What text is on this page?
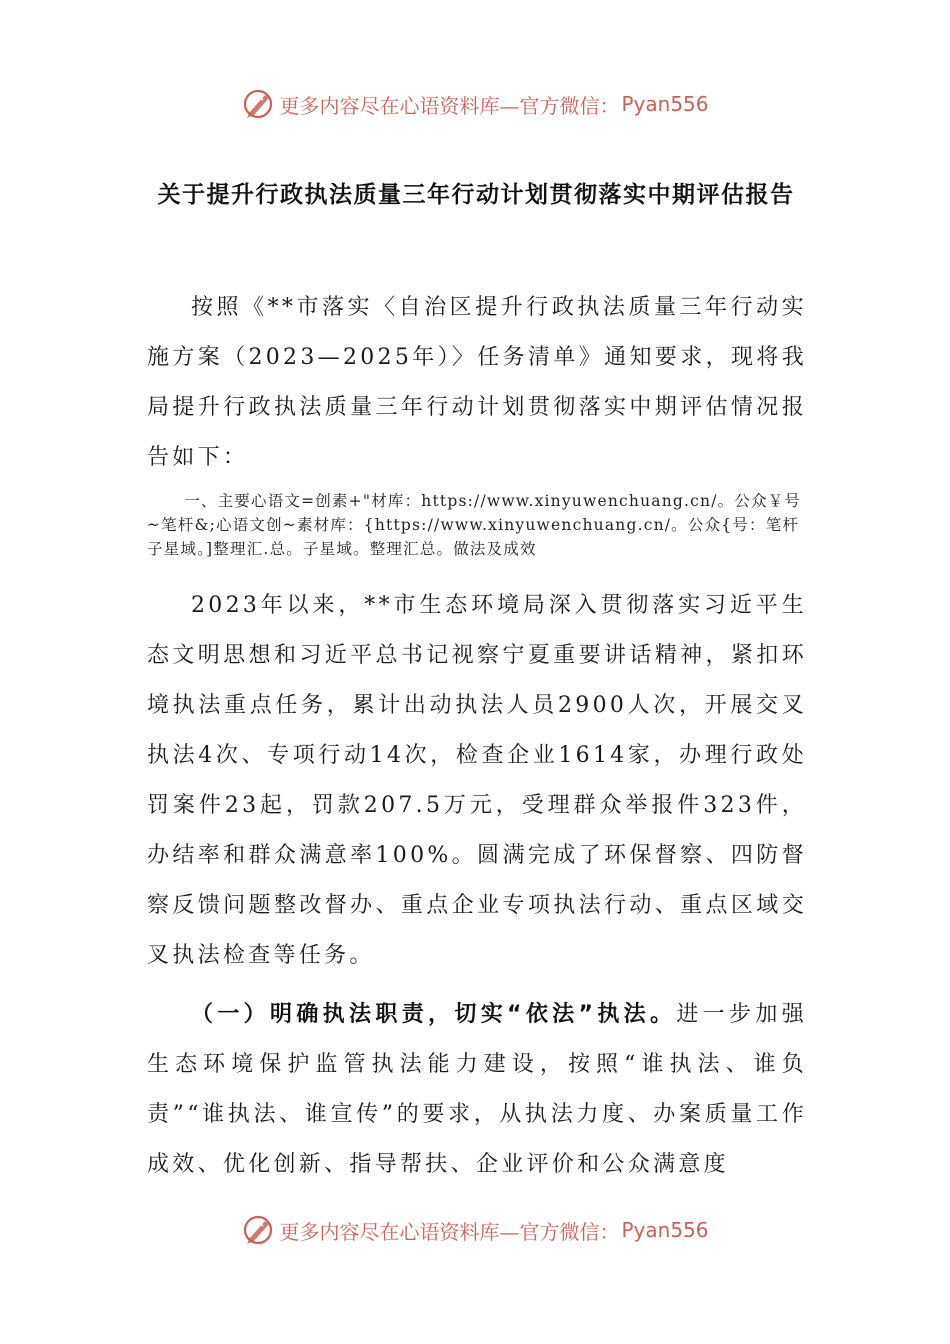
更多内容尽在心语资料库—官方微信： Pyan556
关于提升行政执法质量三年行动计划贯彻落实中期评估报告

按照《**市落实〈自治区提升行政执法质量三年行动实施方案（2023—2025年）〉任务清单》通知要求，现将我局提升行政执法质量三年行动计划贯彻落实中期评估情况报告如下：

一、主要心语文=创素+"材库：https://www.xinyuwenchuang.cn/。公众￥号~笔杆&;心语文创~素材库：{https://www.xinyuwenchuang.cn/。公众{号：笔杆子星域。]整理汇.总。子星域。整理汇总。做法及成效

2023年以来，**市生态环境局深入贯彻落实习近平生态文明思想和习近平总书记视察宁夏重要讲话精神，紧扣环境执法重点任务，累计出动执法人员2900人次，开展交叉执法4次、专项行动14次，检查企业1614家，办理行政处罚案件23起，罚款207.5万元，受理群众举报件323件，办结率和群众满意率100%。圆满完成了环保督察、四防督察反馈问题整改督办、重点企业专项执法行动、重点区域交叉执法检查等任务。

（一）明确执法职责，切实“依法”执法。进一步加强生态环境保护监管执法能力建设，按照“谁执法、谁负责”“谁执法、谁宣传”的要求，从执法力度、办案质量工作成效、优化创新、指导帮扶、企业评价和公众满意度

更多内容尽在心语资料库—官方微信： Pyan556
